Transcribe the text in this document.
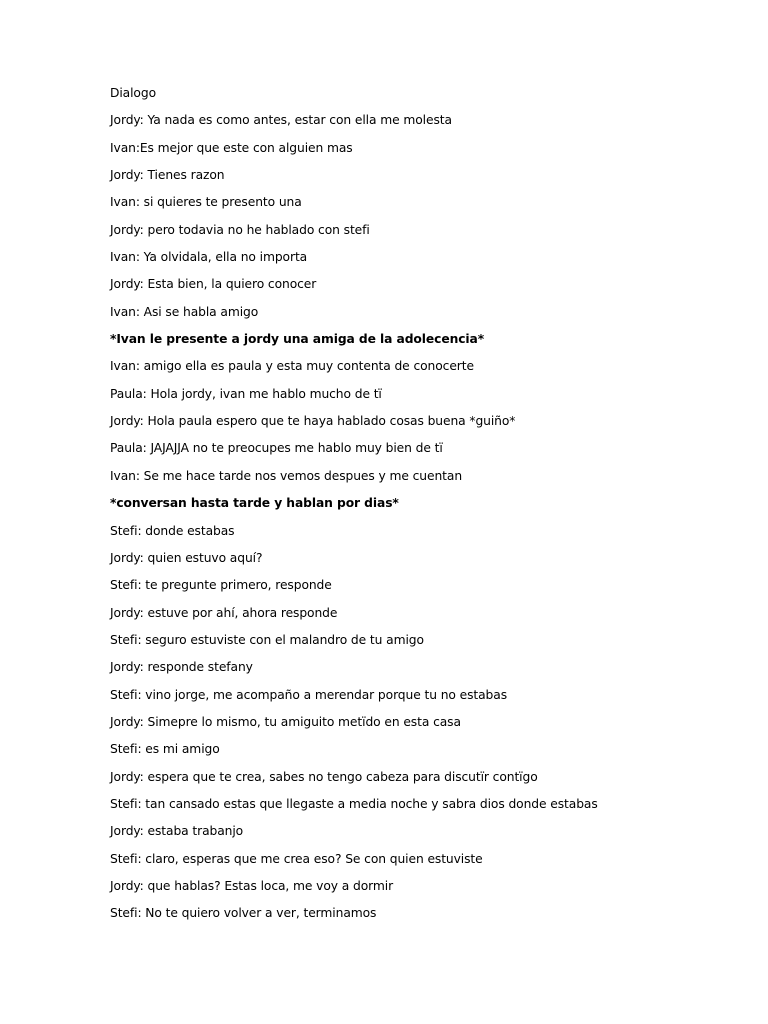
Dialogo
Jordy: Ya nada es como antes, estar con ella me molesta
Ivan:Es mejor que este con alguien mas
Jordy: Tienes razon
Ivan: si quieres te presento una
Jordy: pero todavia no he hablado con stefi
Ivan: Ya olvidala, ella no importa
Jordy: Esta bien, la quiero conocer
Ivan: Asi se habla amigo
*Ivan le presente a jordy una amiga de la adolecencia*
Ivan: amigo ella es paula y esta muy contenta de conocerte
Paula: Hola jordy, ivan me hablo mucho de tï
Jordy: Hola paula espero que te haya hablado cosas buena *guiño*
Paula: JAJAJJA no te preocupes me hablo muy bien de tï
Ivan: Se me hace tarde nos vemos despues y me cuentan
*conversan hasta tarde y hablan por dias*
Stefi: donde estabas
Jordy: quien estuvo aquí?
Stefi: te pregunte primero, responde
Jordy: estuve por ahí, ahora responde
Stefi: seguro estuviste con el malandro de tu amigo
Jordy: responde stefany
Stefi: vino jorge, me acompaño a merendar porque tu no estabas
Jordy: Simepre lo mismo, tu amiguito metïdo en esta casa
Stefi: es mi amigo
Jordy: espera que te crea, sabes no tengo cabeza para discutïr contïgo
Stefi: tan cansado estas que llegaste a media noche y sabra dios donde estabas
Jordy: estaba trabanjo
Stefi: claro, esperas que me crea eso? Se con quien estuviste
Jordy: que hablas? Estas loca, me voy a dormir
Stefi: No te quiero volver a ver, terminamos
